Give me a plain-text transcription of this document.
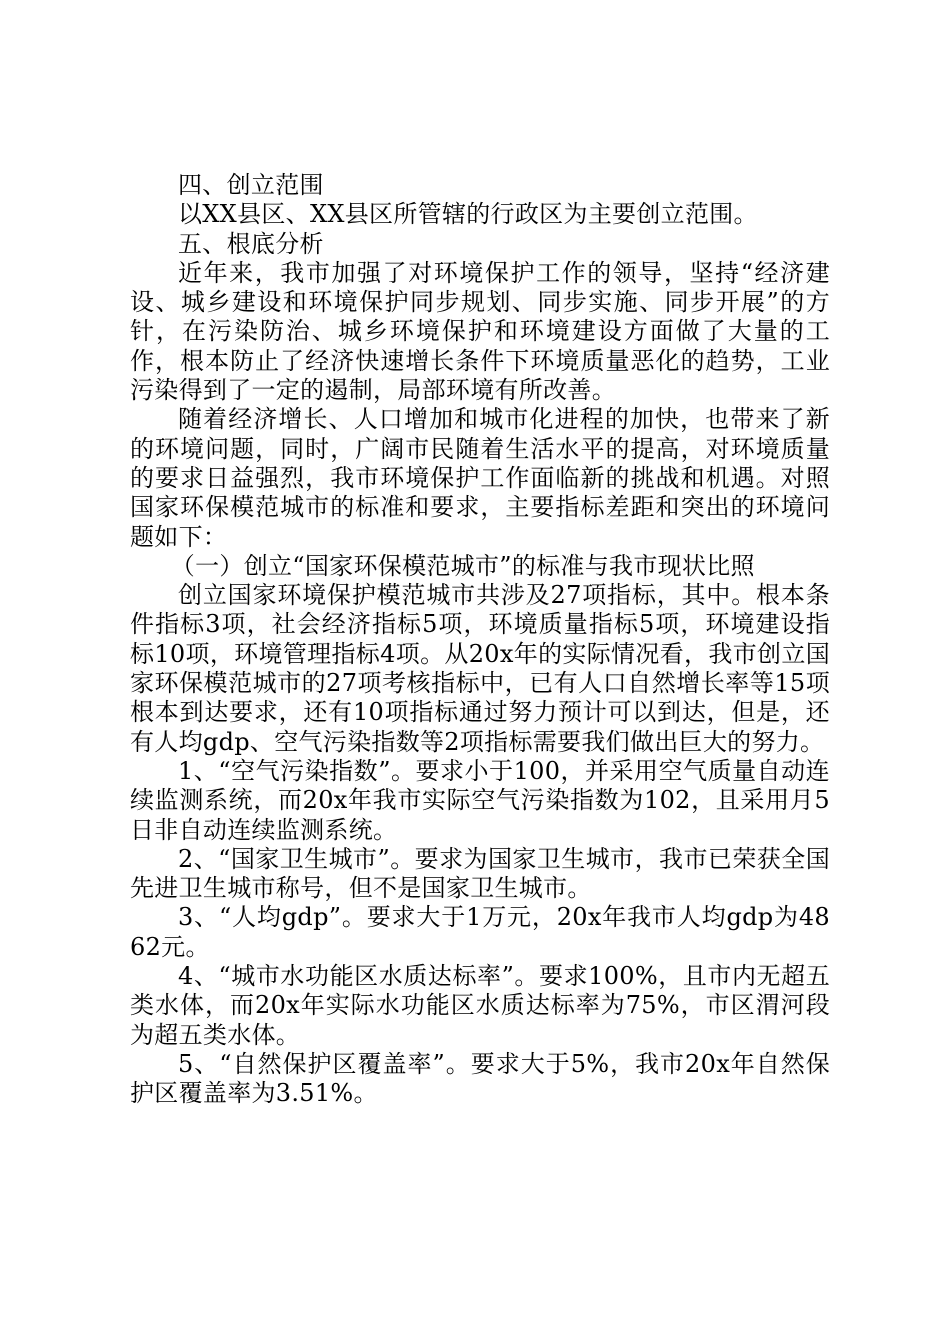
四、创立范围

以XX县区、XX县区所管辖的行政区为主要创立范围。

五、根底分析

近年来，我市加强了对环境保护工作的领导，坚持“经济建设、城乡建设和环境保护同步规划、同步实施、同步开展”的方针，在污染防治、城乡环境保护和环境建设方面做了大量的工作，根本防止了经济快速增长条件下环境质量恶化的趋势，工业污染得到了一定的遏制，局部环境有所改善。

随着经济增长、人口增加和城市化进程的加快，也带来了新的环境问题，同时，广阔市民随着生活水平的提高，对环境质量的要求日益强烈，我市环境保护工作面临新的挑战和机遇。对照国家环保模范城市的标准和要求，主要指标差距和突出的环境问题如下：

（一）创立“国家环保模范城市”的标准与我市现状比照

创立国家环境保护模范城市共涉及27项指标，其中。根本条件指标3项，社会经济指标5项，环境质量指标5项，环境建设指标10项，环境管理指标4项。从20x年的实际情况看，我市创立国家环保模范城市的27项考核指标中，已有人口自然增长率等15项根本到达要求，还有10项指标通过努力预计可以到达，但是，还有人均gdp、空气污染指数等2项指标需要我们做出巨大的努力。

1、“空气污染指数”。要求小于100，并采用空气质量自动连续监测系统，而20x年我市实际空气污染指数为102，且采用月5日非自动连续监测系统。

2、“国家卫生城市”。要求为国家卫生城市，我市已荣获全国先进卫生城市称号，但不是国家卫生城市。

3、“人均gdp”。要求大于1万元，20x年我市人均gdp为4862元。

4、“城市水功能区水质达标率”。要求100%，且市内无超五类水体，而20x年实际水功能区水质达标率为75%，市区渭河段为超五类水体。

5、“自然保护区覆盖率”。要求大于5%，我市20x年自然保护区覆盖率为3.51%。
